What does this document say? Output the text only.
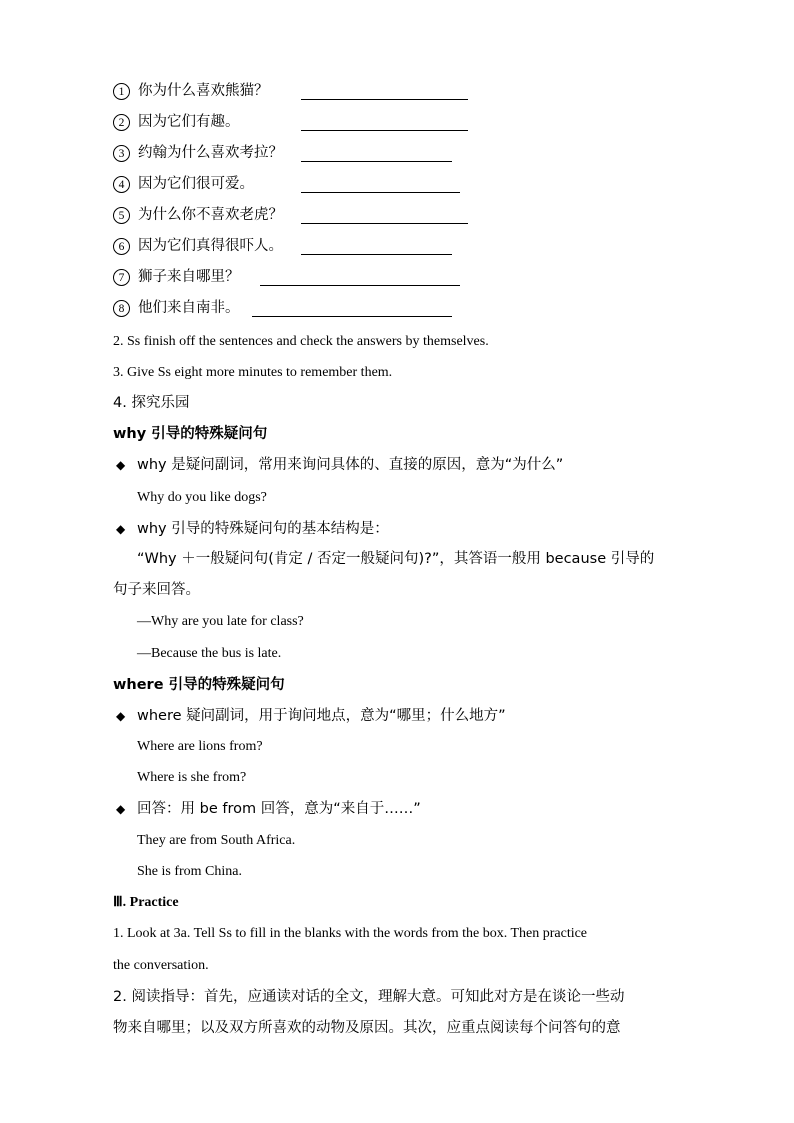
1 你为什么喜欢熊猫？
2 因为它们有趣。
3 约翰为什么喜欢考拉？
4 因为它们很可爱。
5 为什么你不喜欢老虎？
6 因为它们真得很吓人。
7 狮子来自哪里？
8 他们来自南非。
2. Ss finish off the sentences and check the answers by themselves.
3. Give Ss eight more minutes to remember them.
4. 探究乐园
why 引导的特殊疑问句
◆ why 是疑问副词，常用来询问具体的、直接的原因，意为“为什么”
Why do you like dogs?
◆ why 引导的特殊疑问句的基本结构是：
“Why ＋一般疑问句(肯定 / 否定一般疑问句)?”，其答语一般用 because 引导的
句子来回答。
—Why are you late for class?
—Because the bus is late.
where 引导的特殊疑问句
◆ where 疑问副词，用于询问地点，意为“哪里；什么地方”
Where are lions from?
Where is she from?
◆ 回答：用 be from 回答，意为“来自于……”
They are from South Africa.
She is from China.
Ⅲ. Practice
1. Look at 3a. Tell Ss to fill in the blanks with the words from the box. Then practice
the conversation.
2. 阅读指导：首先，应通读对话的全文，理解大意。可知此对方是在谈论一些动
物来自哪里；以及双方所喜欢的动物及原因。其次，应重点阅读每个问答句的意
